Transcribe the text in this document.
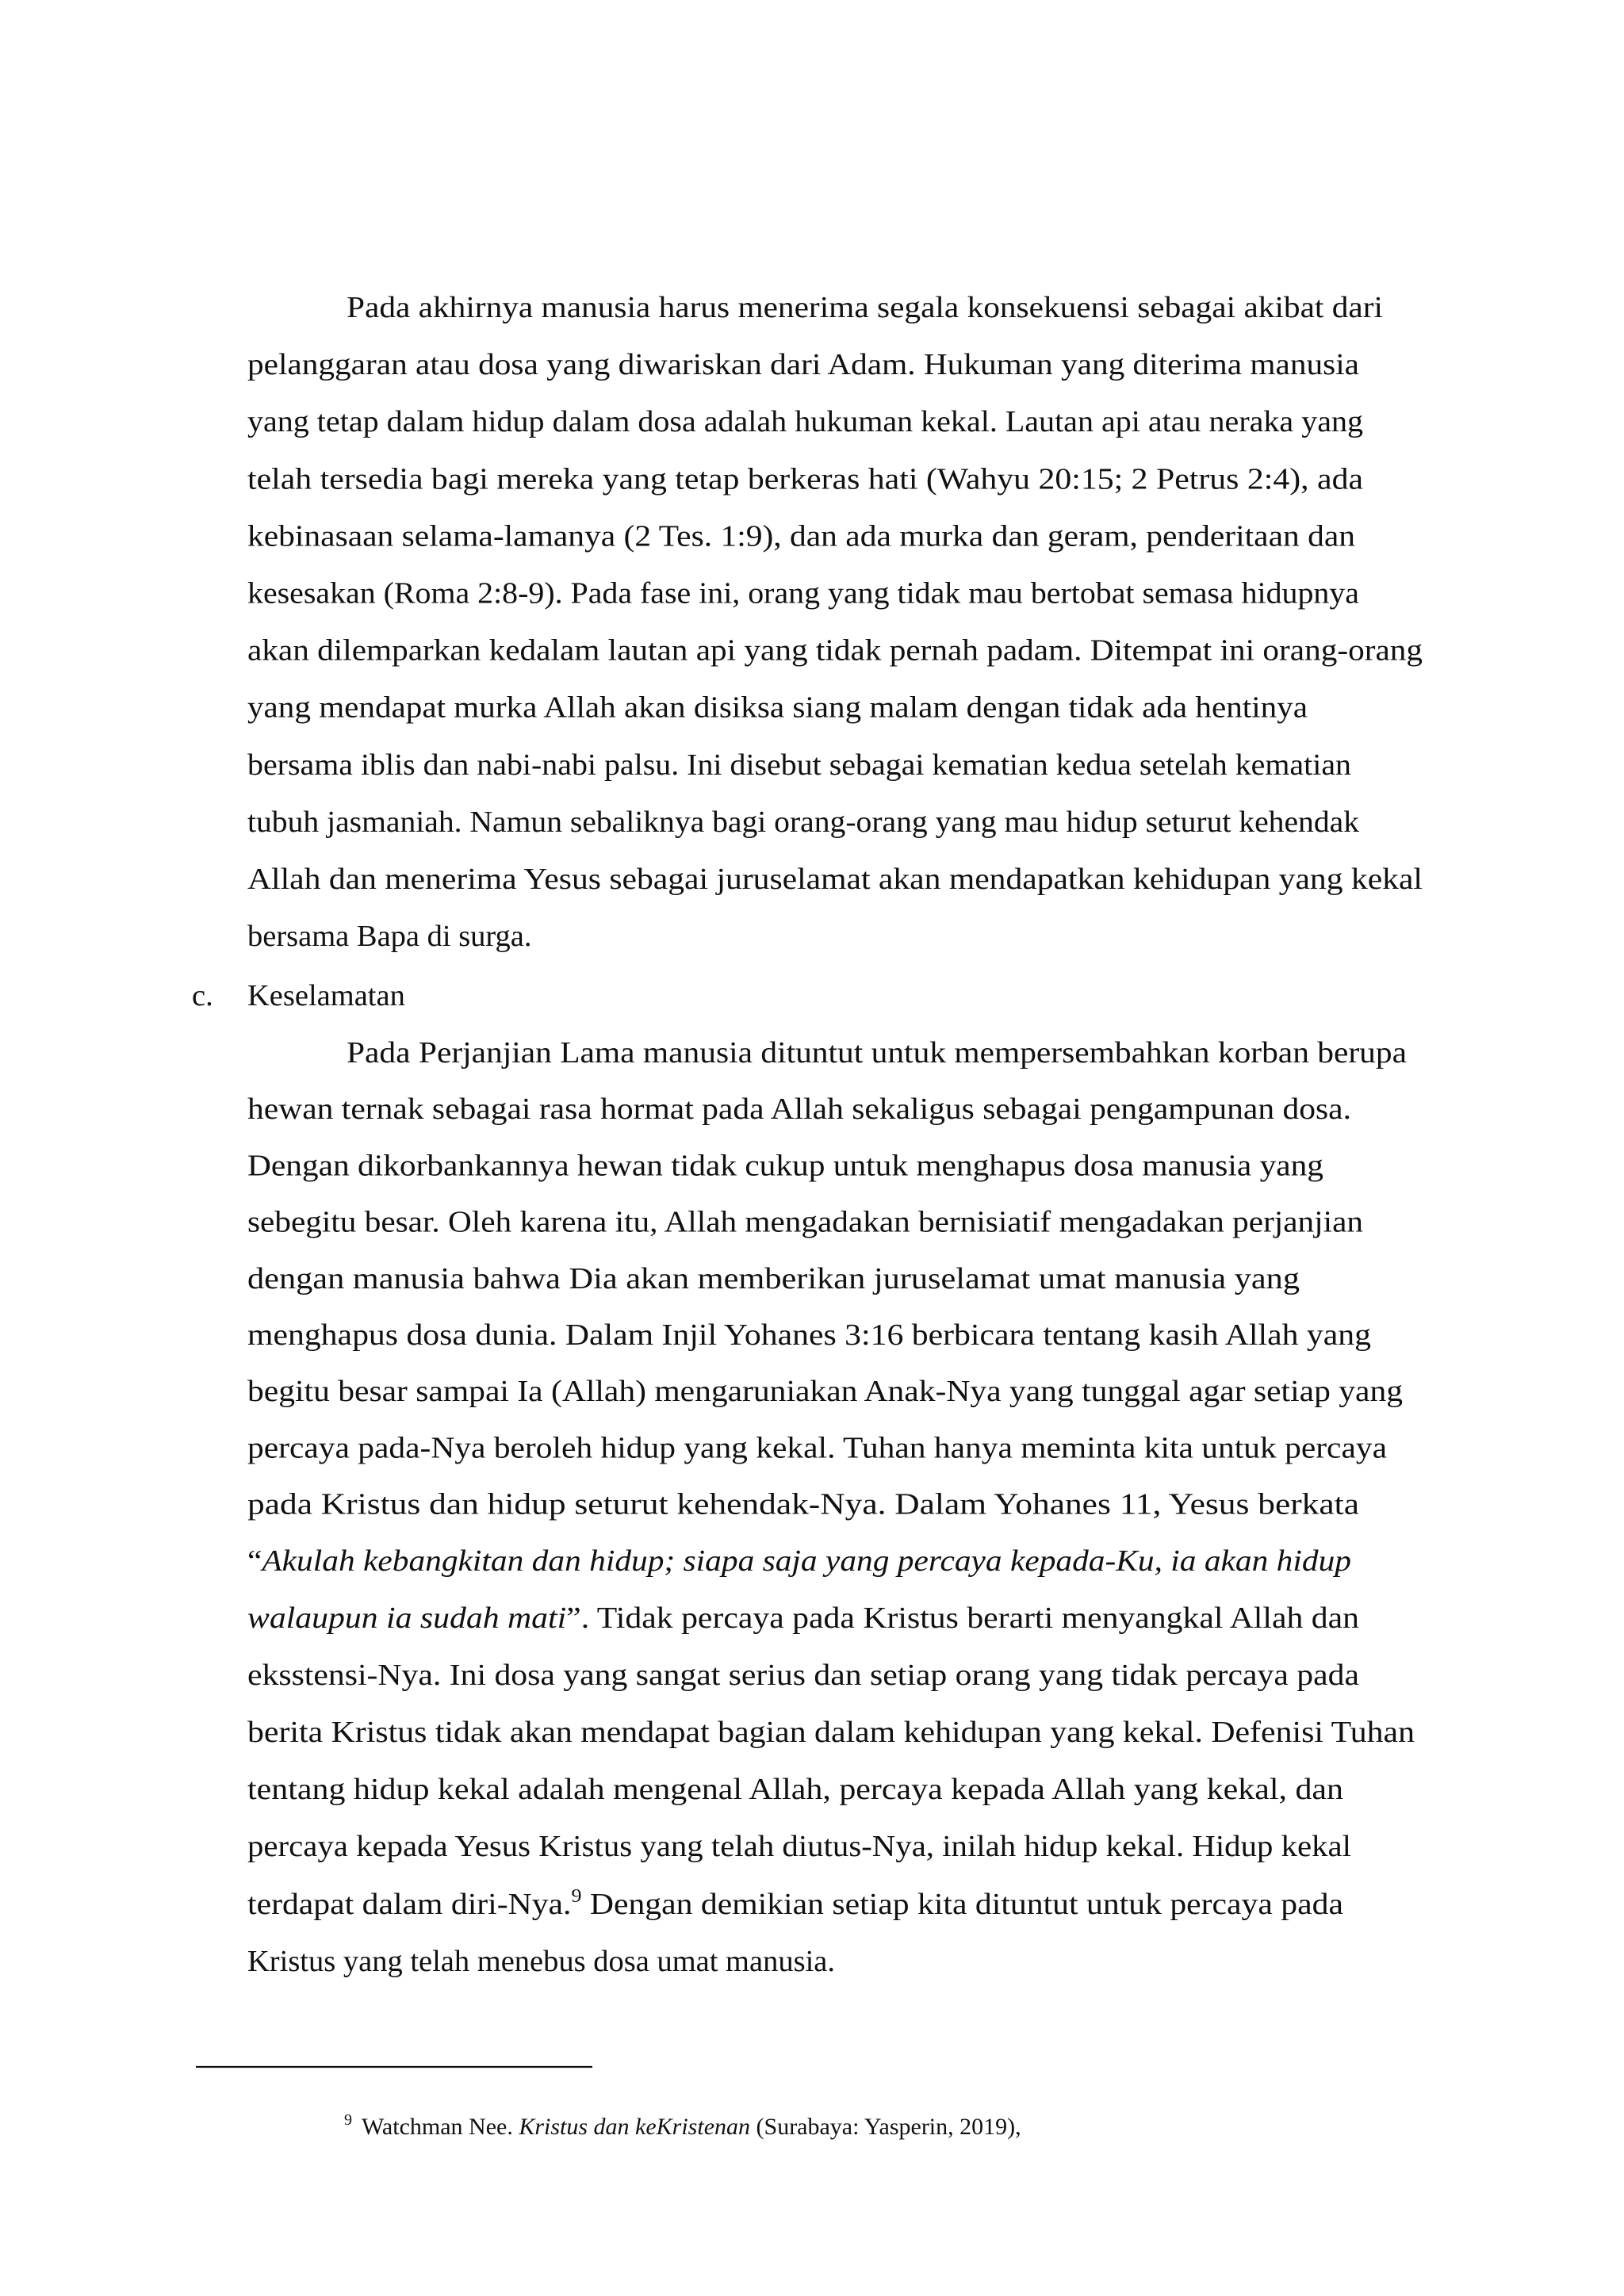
Pada akhirnya manusia harus menerima segala konsekuensi sebagai akibat dari
pelanggaran atau dosa yang diwariskan dari Adam. Hukuman yang diterima manusia
yang tetap dalam hidup dalam dosa adalah hukuman kekal. Lautan api atau neraka yang
telah tersedia bagi mereka yang tetap berkeras hati (Wahyu 20:15; 2 Petrus 2:4), ada
kebinasaan selama-lamanya (2 Tes. 1:9), dan ada murka dan geram, penderitaan dan
kesesakan (Roma 2:8-9). Pada fase ini, orang yang tidak mau bertobat semasa hidupnya
akan dilemparkan kedalam lautan api yang tidak pernah padam. Ditempat ini orang-orang
yang mendapat murka Allah akan disiksa siang malam dengan tidak ada hentinya
bersama iblis dan nabi-nabi palsu. Ini disebut sebagai kematian kedua setelah kematian
tubuh jasmaniah. Namun sebaliknya bagi orang-orang yang mau hidup seturut kehendak
Allah dan menerima Yesus sebagai juruselamat akan mendapatkan kehidupan yang kekal
bersama Bapa di surga.
c. Keselamatan
Pada Perjanjian Lama manusia dituntut untuk mempersembahkan korban berupa
hewan ternak sebagai rasa hormat pada Allah sekaligus sebagai pengampunan dosa.
Dengan dikorbankannya hewan tidak cukup untuk menghapus dosa manusia yang
sebegitu besar. Oleh karena itu, Allah mengadakan bernisiatif mengadakan perjanjian
dengan manusia bahwa Dia akan memberikan juruselamat umat manusia yang
menghapus dosa dunia. Dalam Injil Yohanes 3:16 berbicara tentang kasih Allah yang
begitu besar sampai Ia (Allah) mengaruniakan Anak-Nya yang tunggal agar setiap yang
percaya pada-Nya beroleh hidup yang kekal. Tuhan hanya meminta kita untuk percaya
pada Kristus dan hidup seturut kehendak-Nya. Dalam Yohanes 11, Yesus berkata
“Akulah kebangkitan dan hidup; siapa saja yang percaya kepada-Ku, ia akan hidup
walaupun ia sudah mati ”. Tidak percaya pada Kristus berarti menyangkal Allah dan
eksstensi-Nya. Ini dosa yang sangat serius dan setiap orang yang tidak percaya pada
berita Kristus tidak akan mendapat bagian dalam kehidupan yang kekal. Defenisi Tuhan
tentang hidup kekal adalah mengenal Allah, percaya kepada Allah yang kekal, dan
percaya kepada Yesus Kristus yang telah diutus-Nya, inilah hidup kekal. Hidup kekal
terdapat dalam diri-Nya. $^9$ Dengan demikian setiap kita dituntut untuk percaya pada
Kristus yang telah menebus dosa umat manusia.
9 Watchman Nee. Kristus dan keKristenan (Surabaya: Yasperin, 2019),
